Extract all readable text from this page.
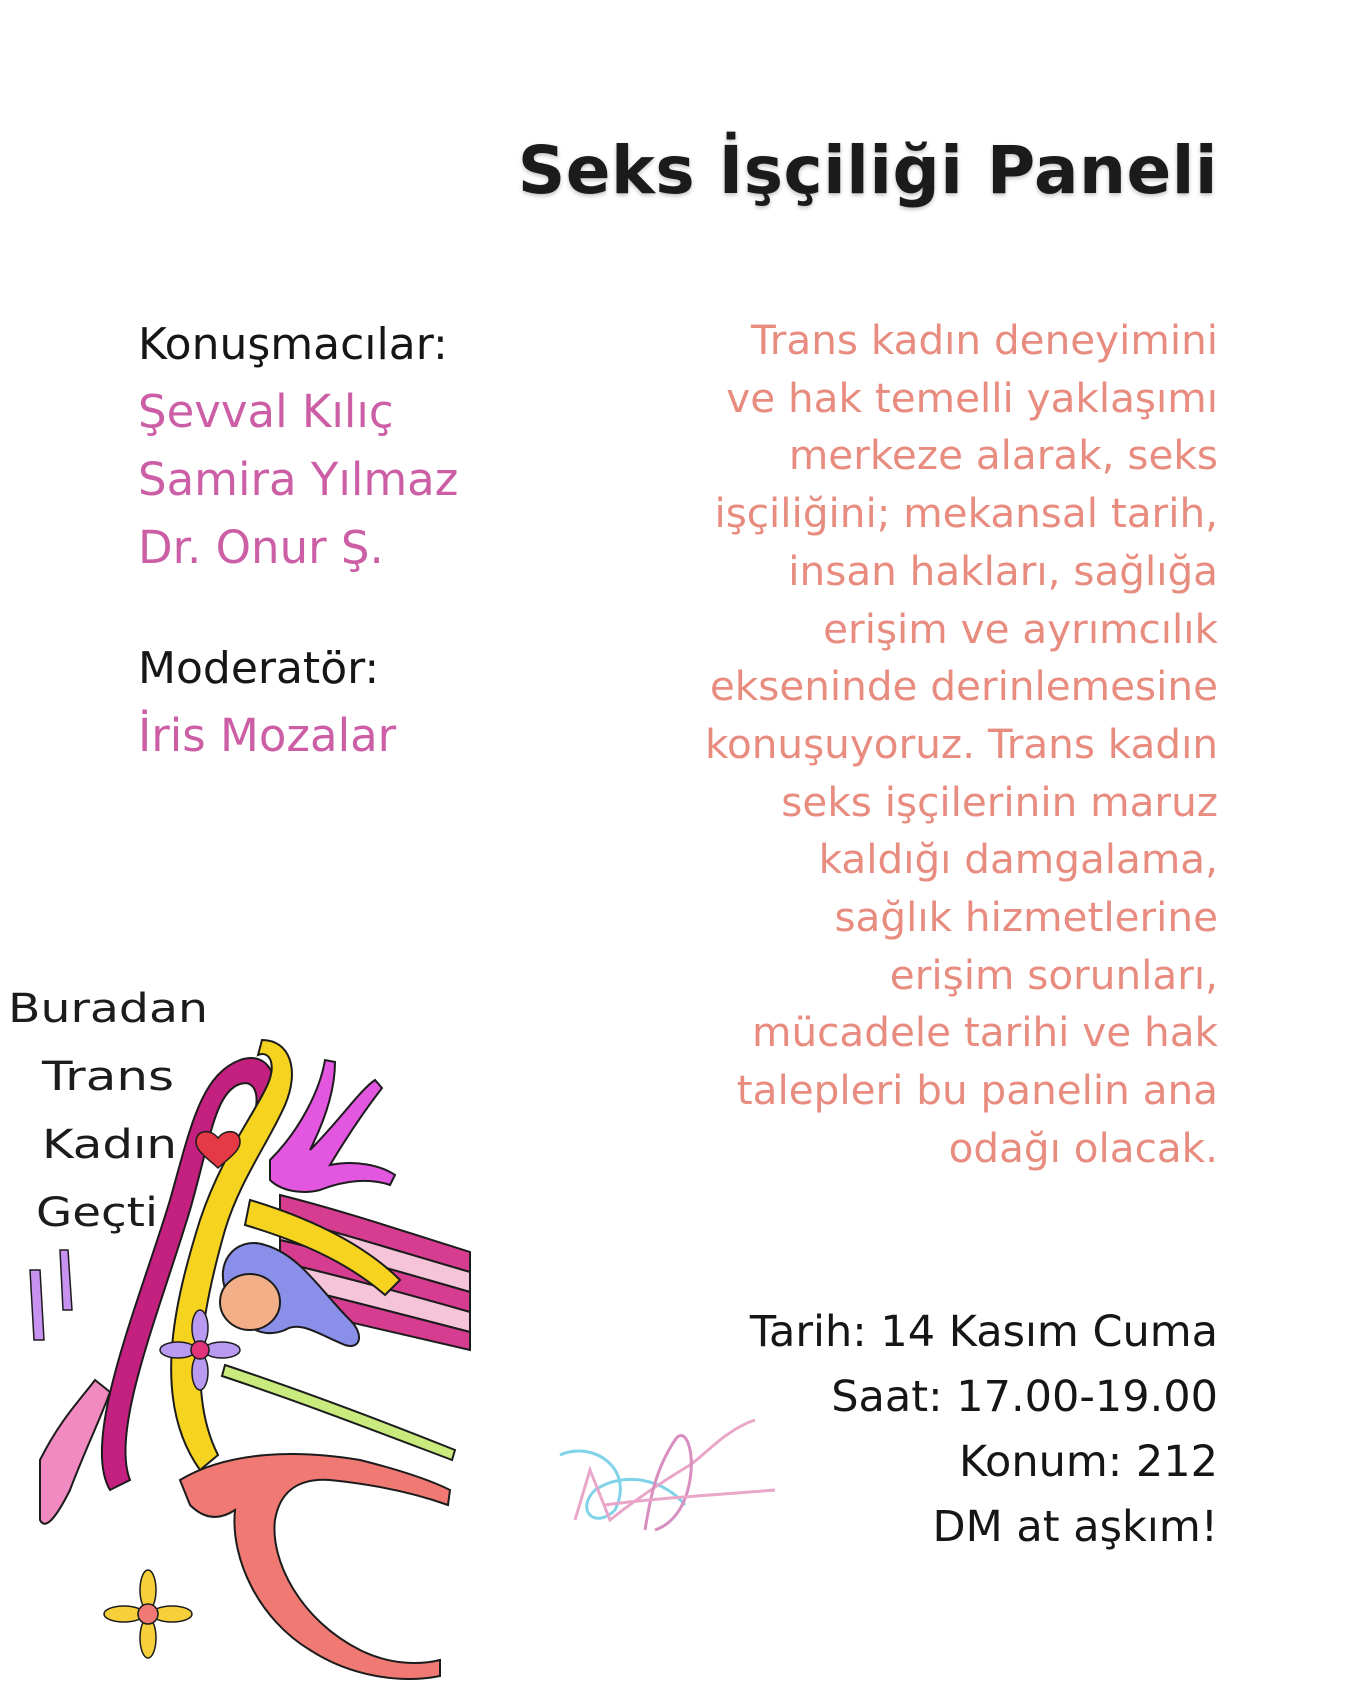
Seks İşçiliği Paneli
Konuşmacılar:
Şevval Kılıç
Samira Yılmaz
Dr. Onur Ş.
Moderatör:
İris Mozalar
Trans kadın deneyimini
ve hak temelli yaklaşımı
merkeze alarak, seks
işçiliğini; mekansal tarih,
insan hakları, sağlığa
erişim ve ayrımcılık
ekseninde derinlemesine
konuşuyoruz. Trans kadın
seks işçilerinin maruz
kaldığı damgalama,
sağlık hizmetlerine
erişim sorunları,
mücadele tarihi ve hak
talepleri bu panelin ana
odağı olacak.
Tarih: 14 Kasım Cuma
Saat: 17.00-19.00
Konum: 212
DM at aşkım!
Buradan
Trans
Kadın
Geçti
